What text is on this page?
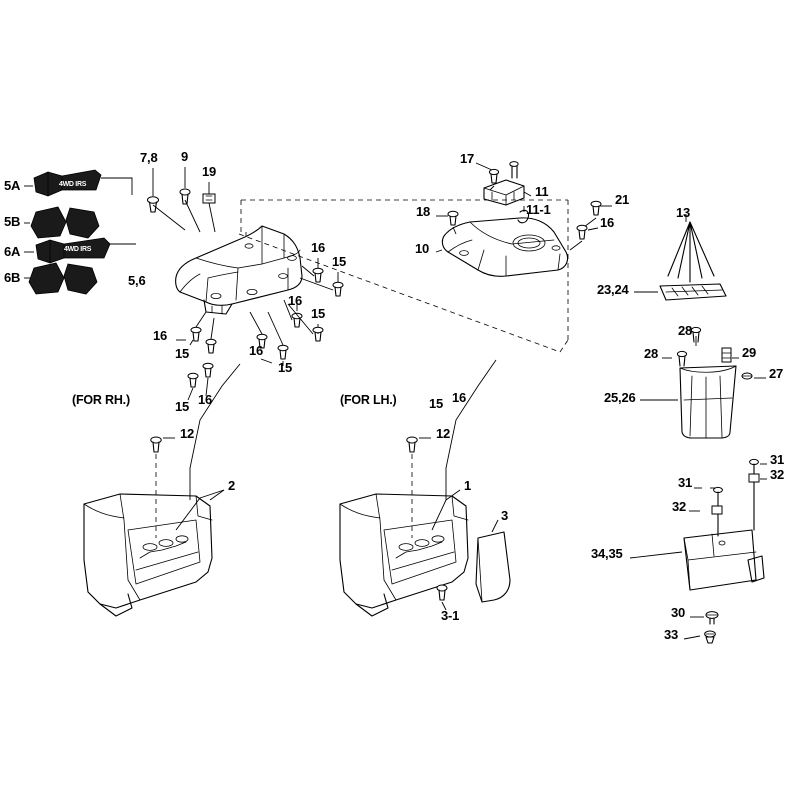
5A
5B
6A
6B
4WD IRS
4WD IRS
7,8 9
19
5,6
16
15
16
15
16
15	16
15
15 16
(FOR RH.)	(FOR LH.) 15 16
12	12
2	1
3
3-1
17
11
11-1
18
10
21
16
13
23,24
28
28	29
27
25,26
31
32
31
32
34,35
30
33
